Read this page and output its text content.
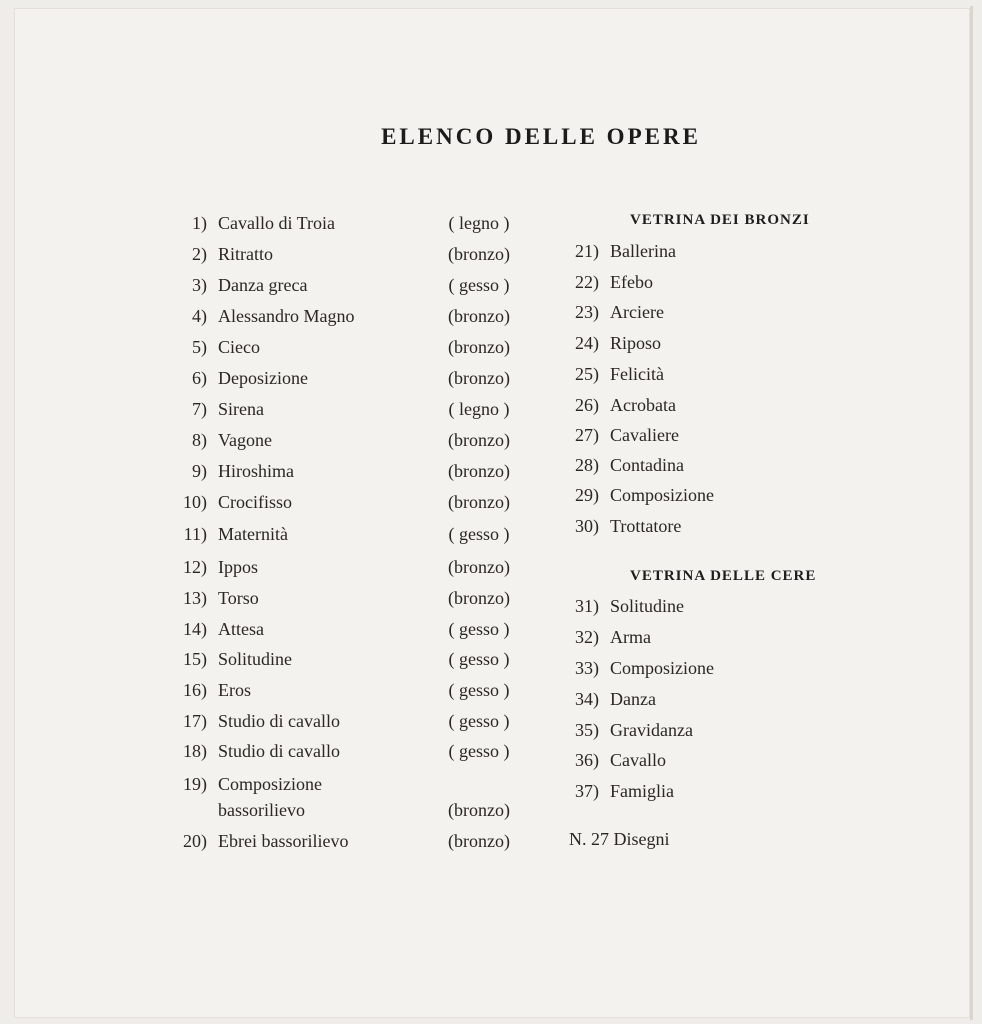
ELENCO DELLE OPERE
1) Cavallo di Troia	( legno )
2) Ritratto	(bronzo)
3) Danza greca	( gesso )
4) Alessandro Magno	(bronzo)
5) Cieco	(bronzo)
6) Deposizione	(bronzo)
7) Sirena	( legno )
8) Vagone	(bronzo)
9) Hiroshima	(bronzo)
10) Crocifisso	(bronzo)
11) Maternità	( gesso )
12) Ippos	(bronzo)
13) Torso	(bronzo)
14) Attesa	( gesso )
15) Solitudine	( gesso )
16) Eros	( gesso )
17) Studio di cavallo	( gesso )
18) Studio di cavallo	( gesso )
19) Composizione
bassorilievo	(bronzo)
20) Ebrei bassorilievo	(bronzo)
VETRINA DEI BRONZI
21) Ballerina
22) Efebo
23) Arciere
24) Riposo
25) Felicità
26) Acrobata
27) Cavaliere
28) Contadina
29) Composizione
30) Trottatore
VETRINA DELLE CERE
31) Solitudine
32) Arma
33) Composizione
34) Danza
35) Gravidanza
36) Cavallo
37) Famiglia
N. 27 Disegni
